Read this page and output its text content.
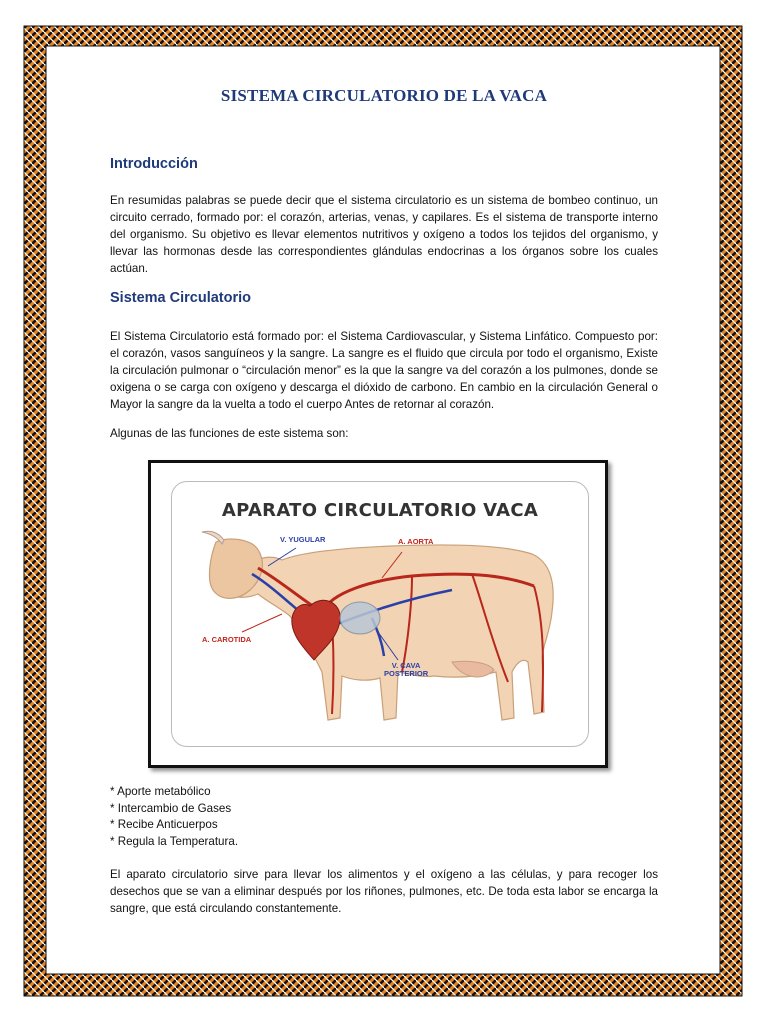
SISTEMA CIRCULATORIO DE LA VACA
Introducción

En resumidas palabras se puede decir que el sistema circulatorio es un sistema de bombeo continuo, un circuito cerrado, formado por: el corazón, arterias, venas, y capilares. Es el sistema de transporte interno del organismo. Su objetivo es llevar elementos nutritivos y oxígeno a todos los tejidos del organismo, y llevar las hormonas desde las correspondientes glándulas endocrinas a los órganos sobre los cuales actúan.

Sistema Circulatorio

El Sistema Circulatorio está formado por: el Sistema Cardiovascular, y Sistema Linfático. Compuesto por: el corazón, vasos sanguíneos y la sangre. La sangre es el fluido que circula por todo el organismo, Existe la circulación pulmonar o “circulación menor” es la que la sangre va del corazón a los pulmones, donde se oxigena o se carga con oxígeno y descarga el dióxido de carbono. En cambio en la circulación General o Mayor la sangre da la vuelta a todo el cuerpo Antes de retornar al corazón.

Algunas de las funciones de este sistema son:

* Aporte metabólico
* Intercambio de Gases
* Recibe Anticuerpos
* Regula la Temperatura.

El aparato circulatorio sirve para llevar los alimentos y el oxígeno a las células, y para recoger los desechos que se van a eliminar después por los riñones, pulmones, etc. De toda esta labor se encarga la sangre, que está circulando constantemente.

APARATO CIRCULATORIO VACA
V. YUGULAR	A. AORTA
A. CAROTIDA
V. CAVA
POSTERIOR
